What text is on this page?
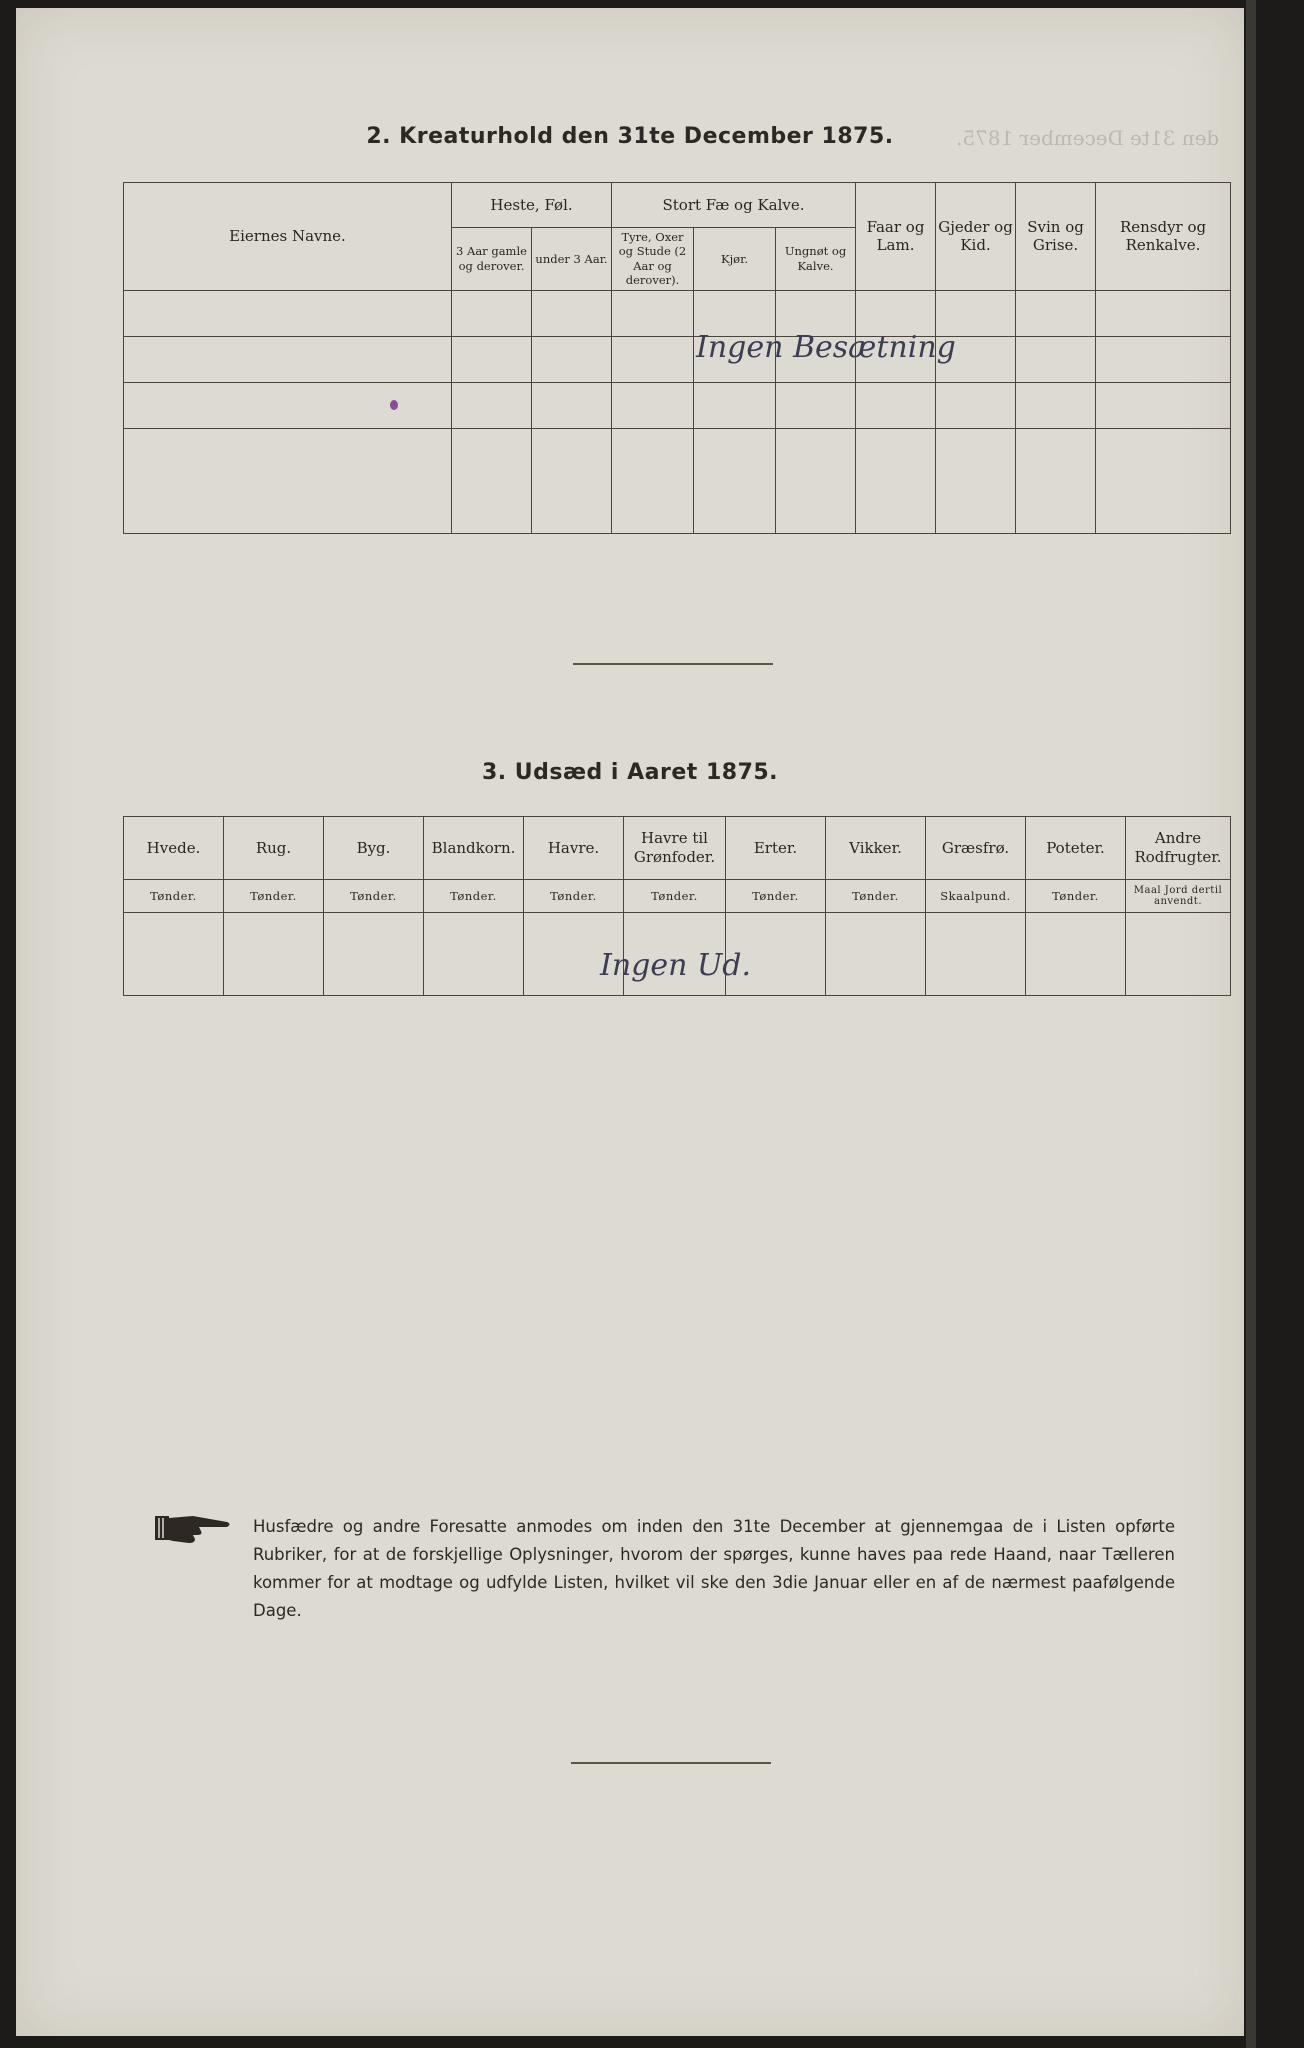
den 31te December 1875.
2. Kreaturhold den 31te December 1875.
Eiernes Navne.	Heste, Føl.		Stort Fæ og Kalve.			Faar og Lam.	Gjeder og Kid.	Svin og Grise.	Rensdyr og Renkalve.
	3 Aar gamle og derover.	under 3 Aar.	Tyre, Oxer og Stude (2 Aar og derover).	Kjør.	Ungnøt og Kalve.				

Ingen Besætning
3. Udsæd i Aaret 1875.
Hvede.	Rug.	Byg.	Blandkorn.	Havre.	Havre til Grønfoder.	Erter.	Vikker.	Græsfrø.	Poteter.	Andre Rodfrugter.
Tønder.	Tønder.	Tønder.	Tønder.	Tønder.	Tønder.	Tønder.	Tønder.	Skaalpund.	Tønder.	Maal Jord dertil anvendt.

Ingen Ud.
Husfædre og andre Foresatte anmodes om inden den 31te December at gjennemgaa de i Listen opførte Rubriker, for at de forskjellige Oplysninger, hvorom der spørges, kunne haves paa rede Haand, naar Tælleren kommer for at modtage og udfylde Listen, hvilket vil ske den 3die Januar eller en af de nærmest paafølgende Dage.
